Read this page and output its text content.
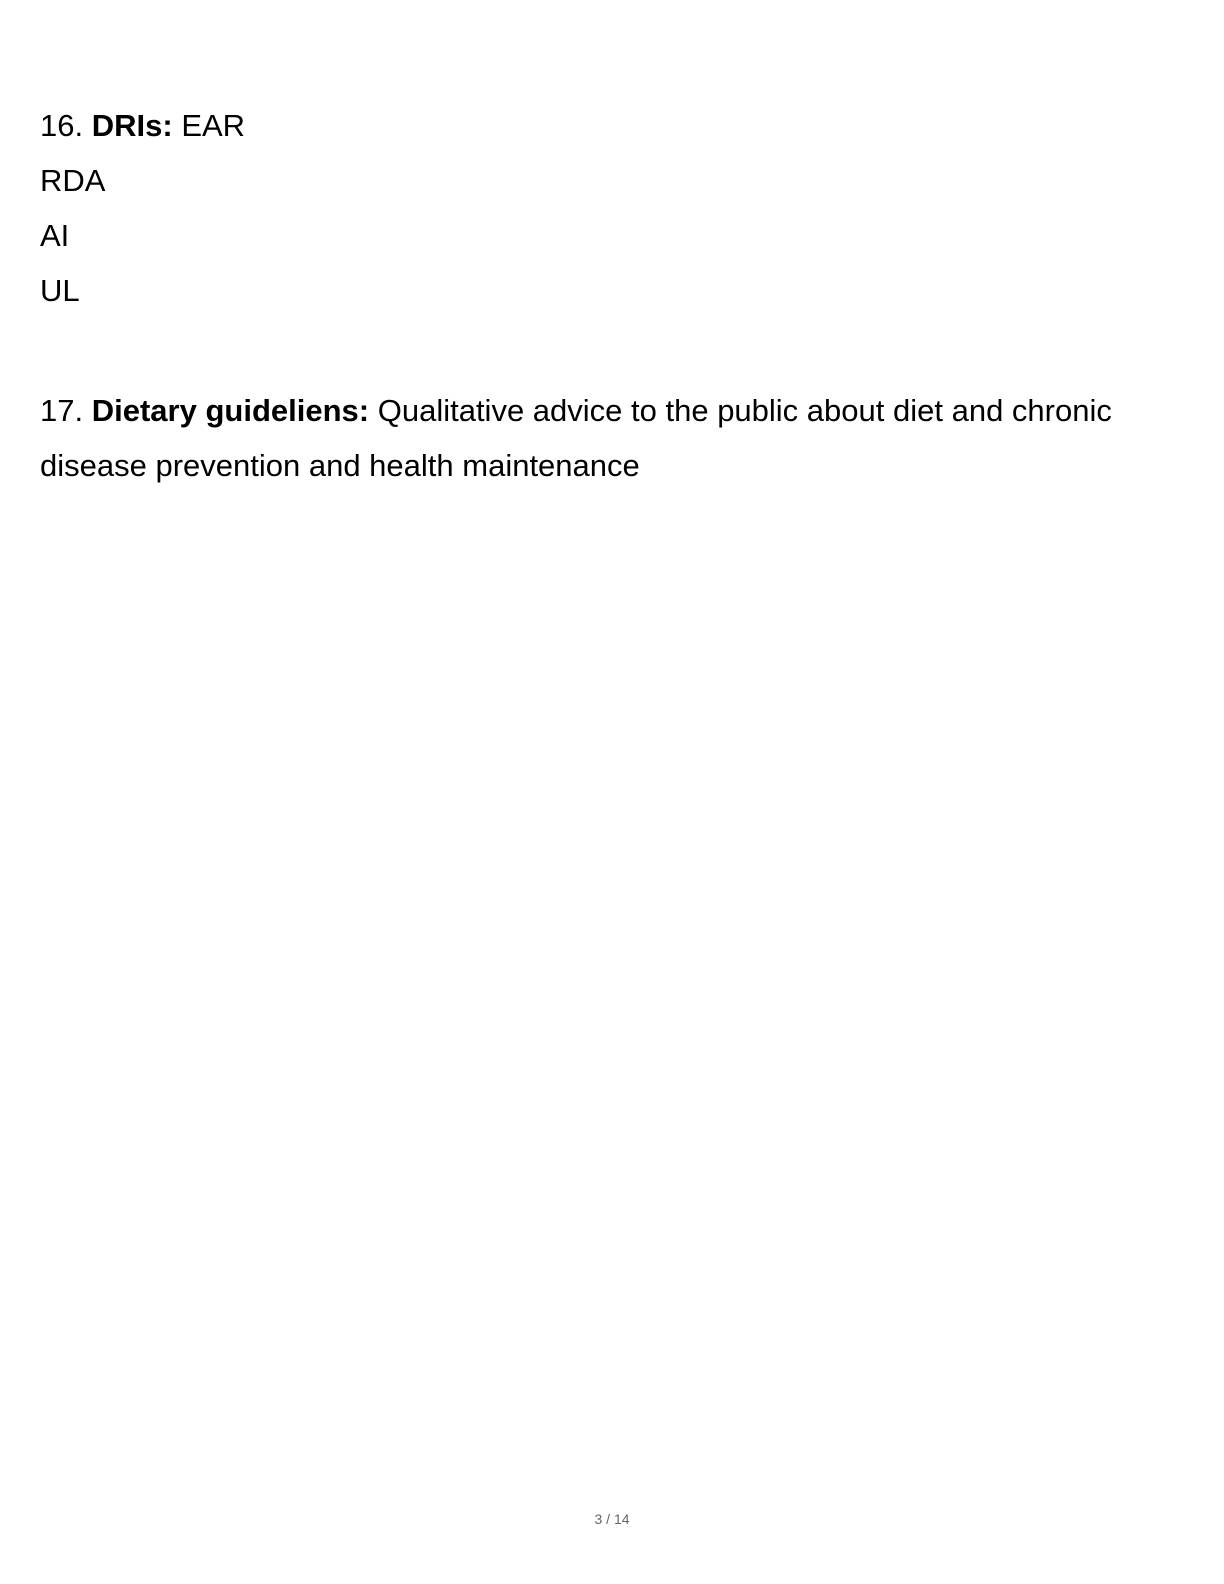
16. DRIs: EAR
RDA
AI
UL
17. Dietary guideliens: Qualitative advice to the public about diet and chronic disease prevention and health maintenance
3 / 14
